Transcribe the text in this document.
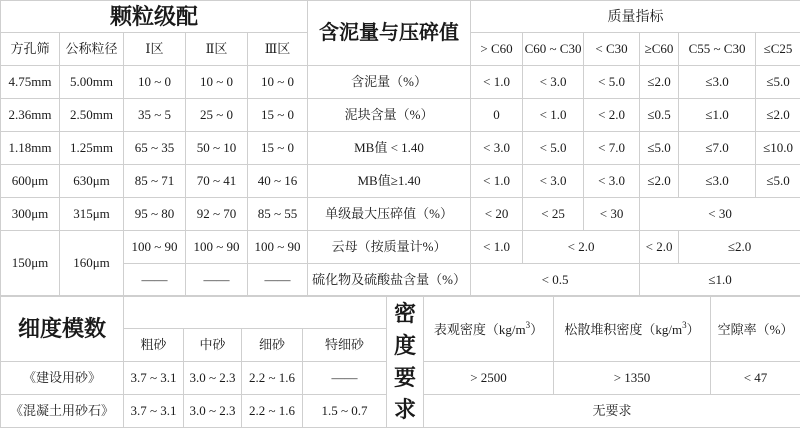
颗粒级配					含泥量与压碎值	质量指标					
方孔筛	公称粒径	Ⅰ区	Ⅱ区	Ⅲ区		> C60	C60 ~ C30	< C30	≥C60	C55 ~ C30	≤C25
4.75mm	5.00mm	10 ~ 0	10 ~ 0	10 ~ 0	含泥量（%）	< 1.0	< 3.0	< 5.0	≤2.0	≤3.0	≤5.0
2.36mm	2.50mm	35 ~ 5	25 ~ 0	15 ~ 0	泥块含量（%）	0	< 1.0	< 2.0	≤0.5	≤1.0	≤2.0
1.18mm	1.25mm	65 ~ 35	50 ~ 10	15 ~ 0	MB值 < 1.40	< 3.0	< 5.0	< 7.0	≤5.0	≤7.0	≤10.0
600μm	630μm	85 ~ 71	70 ~ 41	40 ~ 16	MB值≥1.40	< 1.0	< 3.0	< 3.0	≤2.0	≤3.0	≤5.0
300μm	315μm	95 ~ 80	92 ~ 70	85 ~ 55	单级最大压碎值（%）	< 20	< 25	< 30	< 30		
150μm	160μm	100 ~ 90	100 ~ 90	100 ~ 90	云母（按质量计%）	< 1.0	< 2.0		< 2.0	≤2.0	
		——	——	——	硫化物及硫酸盐含量（%）	< 0.5			≤1.0		
细度模数					密度要求	表观密度$(kg/m^3)$	松散堆积密度$(kg/m^3)$	空隙率（%）
	粗砂	中砂	细砂	特细砂				
《建设用砂》	3.7 ~ 3.1	3.0 ~ 2.3	2.2 ~ 1.6	——		> 2500	> 1350	< 47
《混凝土用砂石》	3.7 ~ 3.1	3.0 ~ 2.3	2.2 ~ 1.6	1.5 ~ 0.7		无要求		
